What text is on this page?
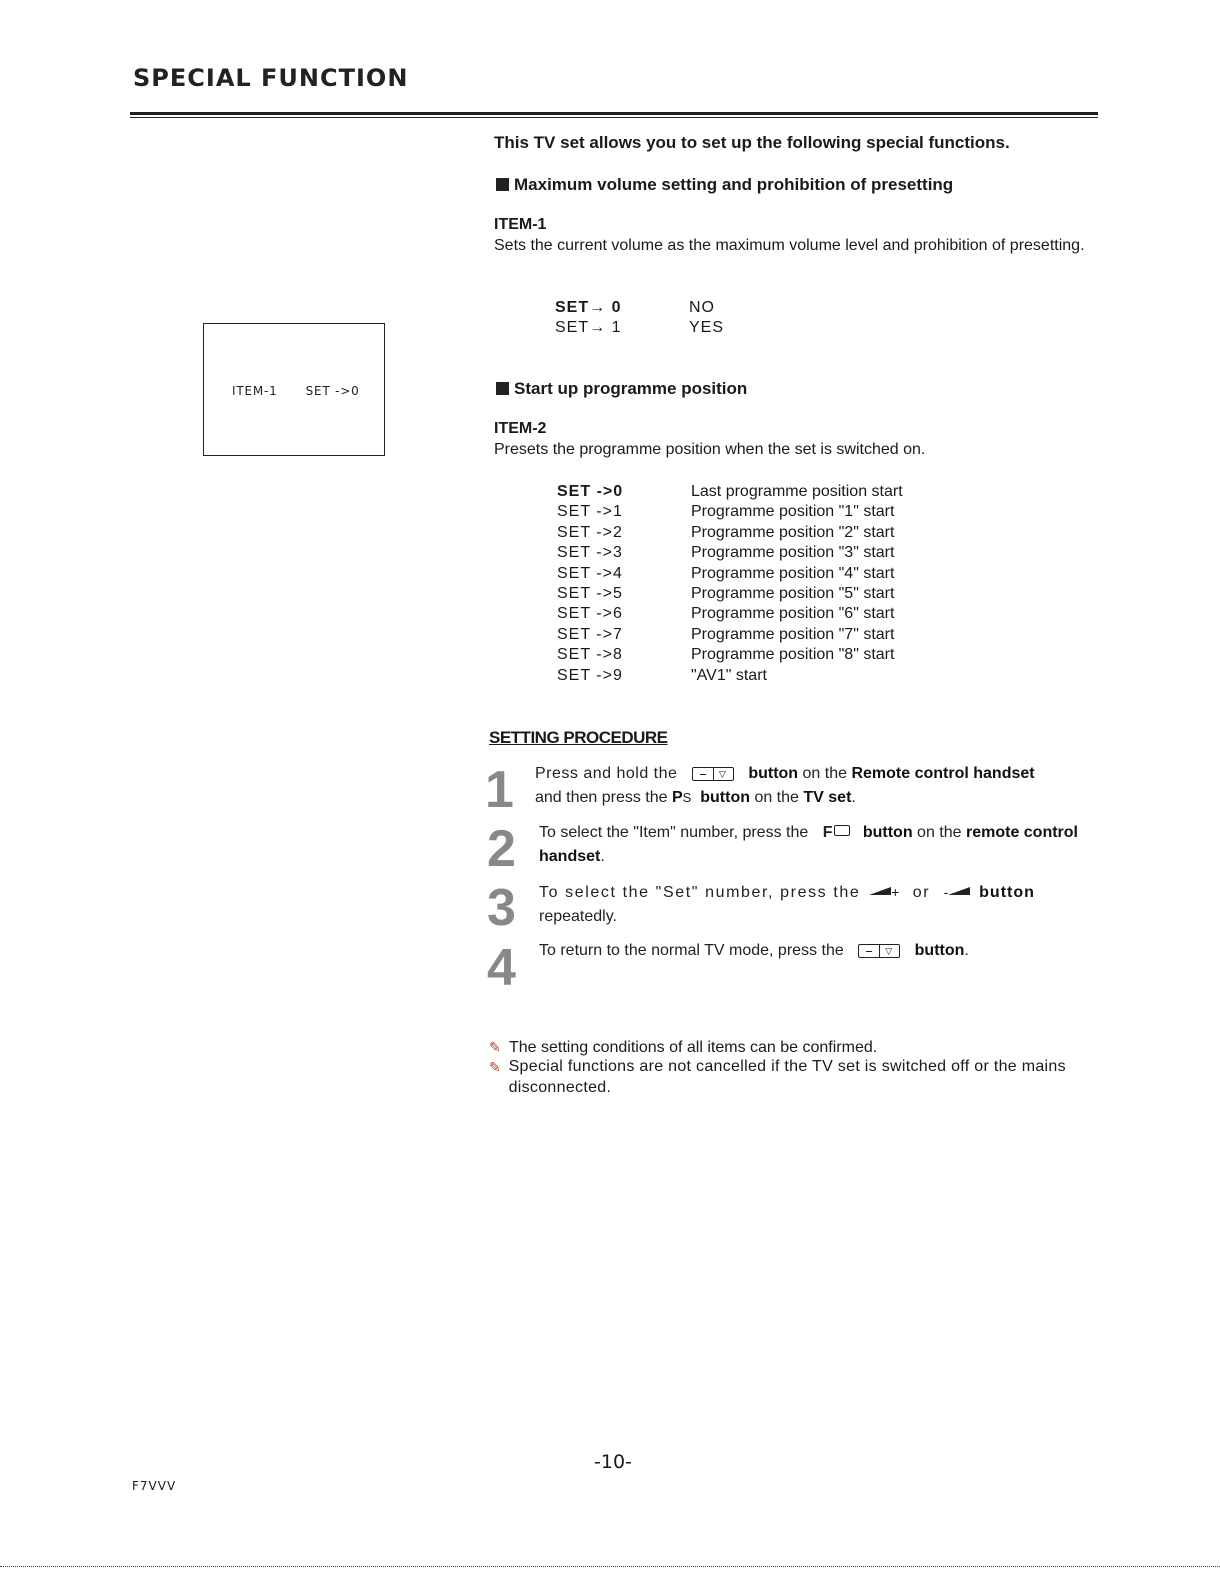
SPECIAL FUNCTION
ITEM-1 SET ->0
This TV set allows you to set up the following special functions.
Maximum volume setting and prohibition of presetting
ITEM-1
Sets the current volume as the maximum volume level and prohibition of presetting.
SET→ 0	NO
SET→ 1	YES
Start up programme position
ITEM-2
Presets the programme position when the set is switched on.
SET ->0	Last programme position start
SET ->1	Programme position "1" start
SET ->2	Programme position "2" start
SET ->3	Programme position "3" start
SET ->4	Programme position "4" start
SET ->5	Programme position "5" start
SET ->6	Programme position "6" start
SET ->7	Programme position "7" start
SET ->8	Programme position "8" start
SET ->9	"AV1" start
SETTING PROCEDURE
1 Press and hold the	▽ button on the Remote control handset
and then press the PS button on the TV set.
2 To select the "Item" number, press the F button on the remote control handset.
3 To select the "Set" number, press the + or - button
repeatedly.
4 To return to the normal TV mode, press the	▽ button.
✎ The setting conditions of all items can be confirmed.
✎ Special functions are not cancelled if the TV set is switched off or the mains disconnected.
-10-
F7VVV
